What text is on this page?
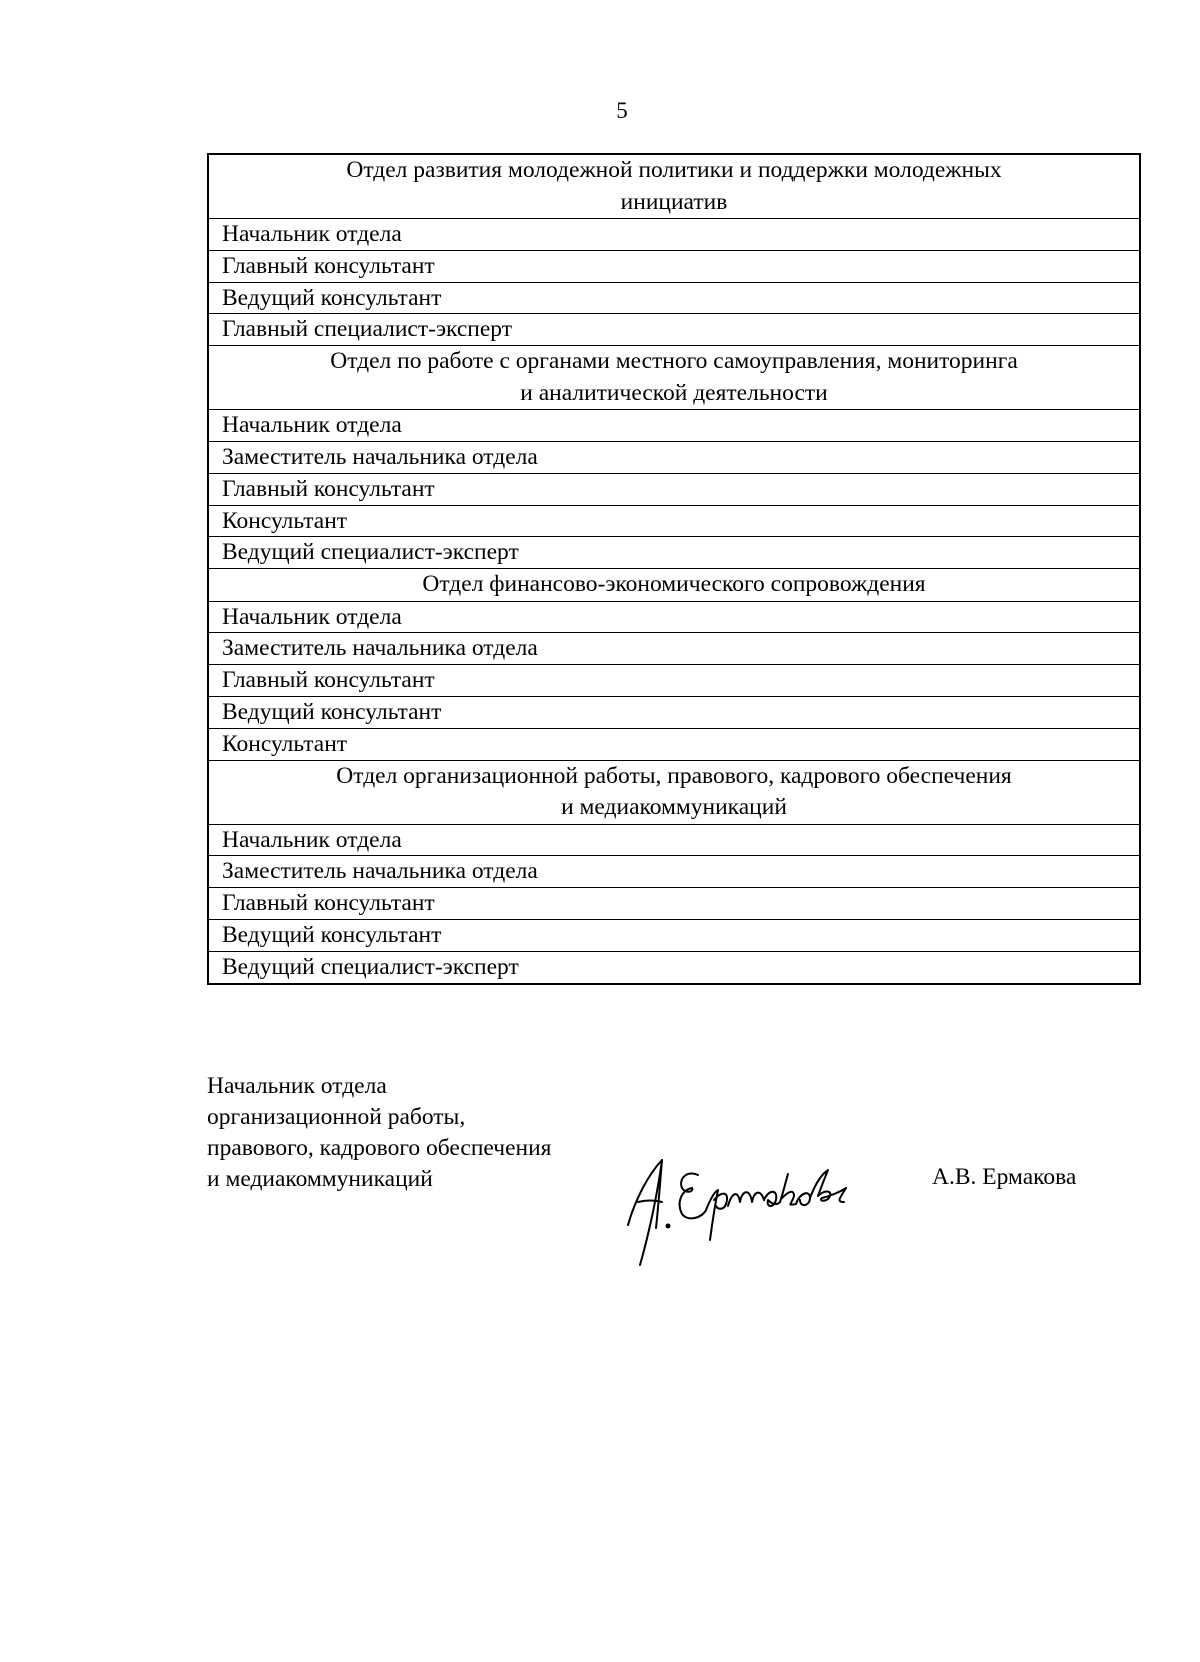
5
Отдел развития молодежной политики и поддержки молодежных
инициатив

Начальник отдела
Главный консультант
Ведущий консультант
Главный специалист-эксперт

Отдел по работе с органами местного самоуправления, мониторинга
и аналитической деятельности

Начальник отдела
Заместитель начальника отдела
Главный консультант
Консультант
Ведущий специалист-эксперт

Отдел финансово-экономического сопровождения

Начальник отдела
Заместитель начальника отдела
Главный консультант
Ведущий консультант
Консультант

Отдел организационной работы, правового, кадрового обеспечения
и медиакоммуникаций

Начальник отдела
Заместитель начальника отдела
Главный консультант
Ведущий консультант
Ведущий специалист-эксперт
Начальник отдела
организационной работы,
правового, кадрового обеспечения
и медиакоммуникаций	А.В. Ермакова
